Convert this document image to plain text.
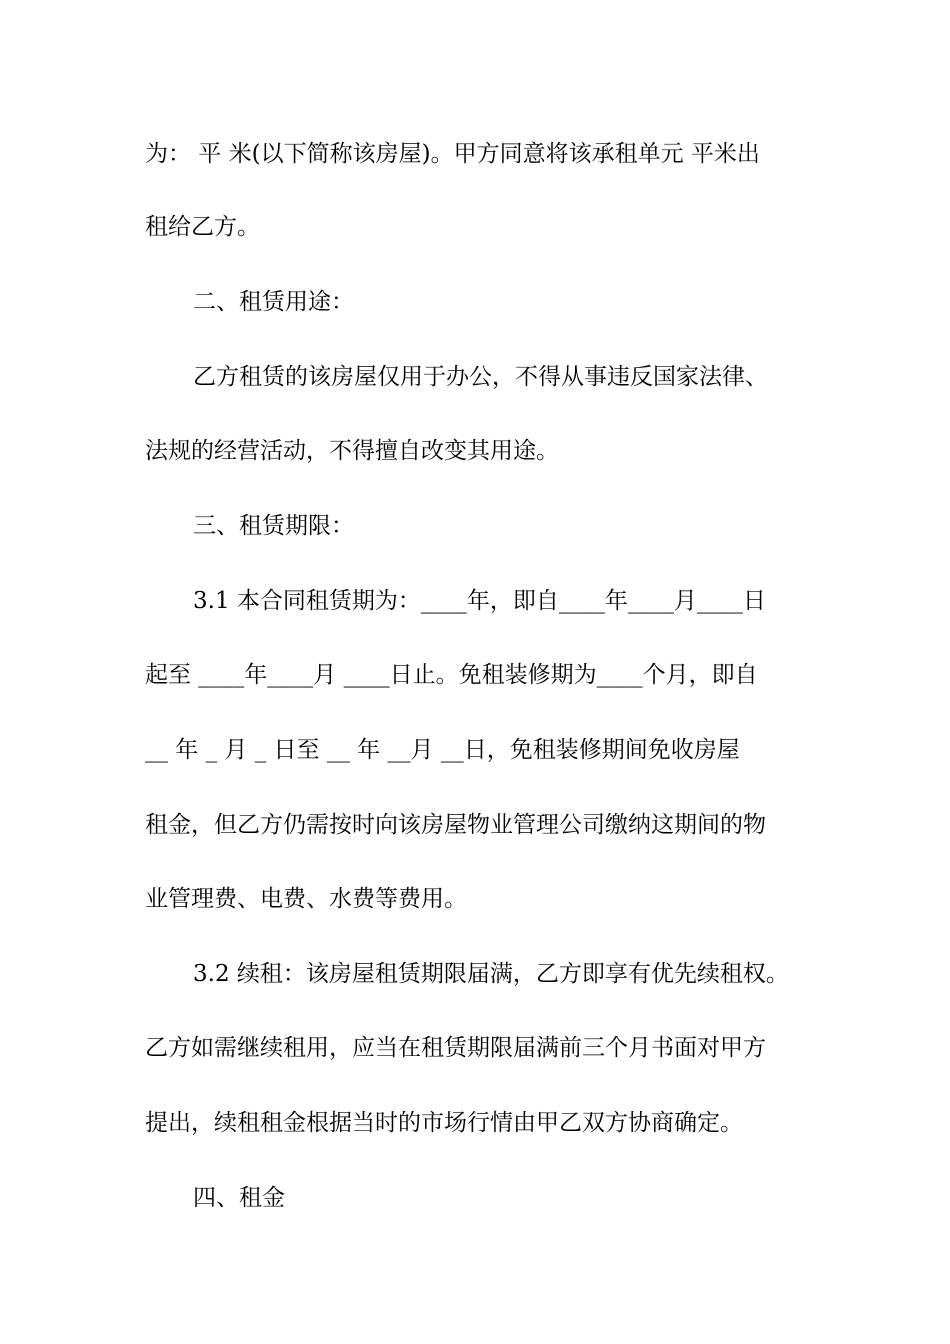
为： 平 米(以下简称该房屋)。甲方同意将该承租单元 平米出
租给乙方。
二、租赁用途：
乙方租赁的该房屋仅用于办公，不得从事违反国家法律、
法规的经营活动，不得擅自改变其用途。
三、租赁期限：
3.1 本合同租赁期为：____年，即自____年____月____日
起至 ____年____月 ____日止。免租装修期为____个月，即自
__ 年 _ 月 _ 日至 __ 年 __月 __日，免租装修期间免收房屋
租金，但乙方仍需按时向该房屋物业管理公司缴纳这期间的物
业管理费、电费、水费等费用。
3.2 续租：该房屋租赁期限届满，乙方即享有优先续租权。
乙方如需继续租用，应当在租赁期限届满前三个月书面对甲方
提出，续租租金根据当时的市场行情由甲乙双方协商确定。
四、租金
